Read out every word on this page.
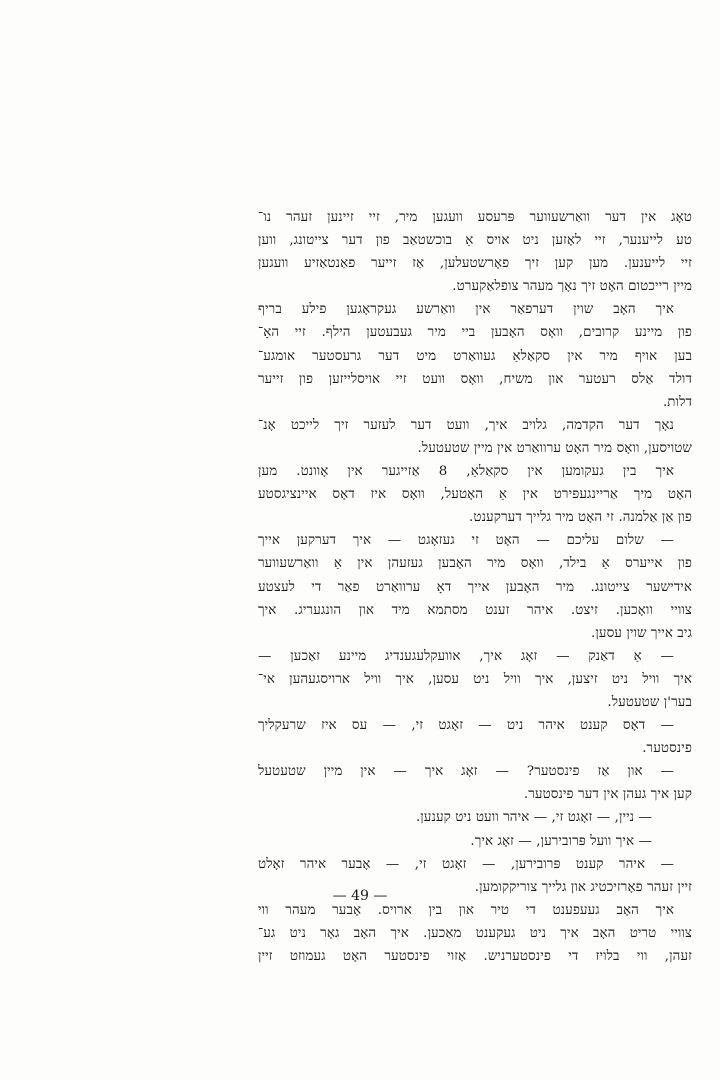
טאָג אין דער וואַרשעווער פּרעסע וועגען מיר, זיי זיינען זעהר נו־
טע לייענער, זיי לאָזען ניט אויס אַ בוכשטאַב פון דער צייטונג, ווען
זיי לייענען. מען קען זיך פאָרשטעלען, אַז זייער פאַנטאַזיע וועגען
מיין רייכטום האָט זיך נאָך מעהר צופלאַקערט.
איך האָב שוין דערפאַר אין וואַרשע געקראָגען פילע בריף
פון מיינע קרובים, וואָס האָבען ביי מיר געבעטען הילף. זיי האָ־
בען אויף מיר אין סקאַלאַ געוואַרט מיט דער גרעסטער אומגע־
דולד אַלס רעטער און משיח, וואָס וועט זיי אויסלייזען פון זייער
דלות.
נאָך דער הקדמה, גלויב איך, וועט דער לעזער זיך לייכט אָנ־
שטויסען, וואָס מיר האָט ערוואַרט אין מיין שטעטעל.
איך בין געקומען אין סקאַלאַ, 8 אַזייגער אין אָוונט. מען
האָט מיך אַריינגעפירט אין אַ האָטעל, וואָס איז דאָס איינציגסטע
פון אַן אַלמנה. זי האָט מיר גלייך דערקענט.
— שלום עליכם — האָט זי געזאָגט — איך דערקען אייך
פון אייערס אַ בילד, וואָס מיר האָבען געזעהן אין אַ וואַרשעווער
אידישער צייטונג. מיר האָבען אייך דאָ ערוואַרט פאַר די לעצטע
צוויי וואָכען. זיצט. איהר זענט מסתמא מיד און הונגעריג. איך
גיב אייך שוין עסען.
— אַ דאַנק — זאָג איך, אוועקלעגענדיג מיינע זאַכען —
איך וויל ניט זיצען, איך וויל ניט עסען, איך וויל ארויסגעהען אי־
בער'ן שטעטעל.
— דאָס קענט איהר ניט — זאָגט זי, — עס איז שרעקליך
פינסטער.
— און אַז פינסטער? — זאָג איך — אין מיין שטעטעל
קען איך געהן אין דער פינסטער.
— ניין, — זאָגט זי, — איהר וועט ניט קענען.
— איך וועל פּרובירען, — זאָג איך.
— איהר קענט פּרובירען, — זאָגט זי, — אָבער איהר זאָלט
זיין זעהר פאָרזיכטיג און גלייך צוריקקומען.
איך האָב געעפענט די טיר און בין ארויס. אָבער מעהר ווי
צוויי טריט האָב איך ניט געקענט מאַכען. איך האָב גאָר ניט גע־
זעהן, ווי בלויז די פינסטערניש. אַזוי פינסטער האָט געמוזט זיין
— 49 —
